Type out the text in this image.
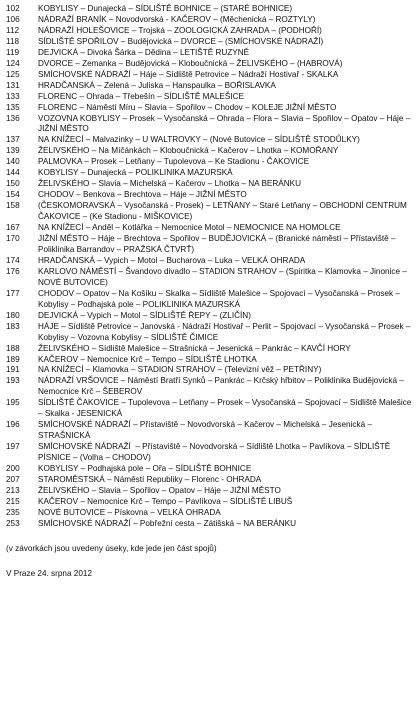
102	KOBYLISY – Dunajecká – SÍDLIŠTĚ BOHNICE – (STARÉ BOHNICE)
106	NÁDRAŽÍ BRANÍK – Novodvorská - KAČEROV – (Měchenická – ROZTYLY)
112	NÁDRAŽÍ HOLEŠOVICE – Trojská – ZOOLOGICKÁ ZAHRADA – (PODHOŘÍ)
118	SÍDLIŠTĚ SPOŘILOV – Budějovická – DVORCE – (SMÍCHOVSKÉ NÁDRAŽÍ)
119	DEJVICKÁ – Divoká Šárka – Dědina – LETIŠTĚ RUZYNĚ
124	DVORCE – Zemanka – Budějovická – Kloboučnická – ŽELIVSKÉHO – (HABROVÁ)
125	SMÍCHOVSKÉ NÁDRAŽÍ – Háje – Sídliště Petrovice – Nádraží Hostivař - SKALKA
131	HRADČANSKÁ – Zelená – Juliska – Hanspaulka – BOŘISLAVKA
133	FLORENC – Ohrada – Třebešín – SÍDLIŠTĚ MALEŠICE
135	FLORENC – Náměstí Míru – Slavia – Spořilov – Chodov – KOLEJE JIŽNÍ MĚSTO
136	VOZOVNA KOBYLISY – Prosek – Vysočanská – Ohrada – Flora – Slavia – Spořilov – Opatov – Háje – JIŽNÍ MĚSTO
137	NA KNÍŽECÍ – Malvazinky – U WALTROVKY – (Nové Butovice – SÍDLIŠTĚ STODŮLKY)
139	ŽELIVSKÉHO – Na Míčánkách – Kloboučnická – Kačerov – Lhotka – KOMOŘANY
140	PALMOVKA – Prosek – Letňany – Tupolevova – Ke Stadionu - ČAKOVICE
144	KOBYLISY – Dunajecká – POLIKLINIKA MAZURSKÁ
150	ŽELIVSKÉHO – Slavia – Michelská – Kačerov – Lhotka – NA BERÁNKU
154	CHODOV – Benkova – Brechtova – Háje – JIŽNÍ MĚSTO
158	(ČESKOMORAVSKÁ – Vysočanská - Prosek) – LETŇANY – Staré Letňany – OBCHODNÍ CENTRUM ČAKOVICE – (Ke Stadionu - MIŠKOVICE)
167	NA KNÍŽECÍ – Anděl – Kotlářka – Nemocnice Motol – NEMOCNICE NA HOMOLCE
170	JIŽNÍ MĚSTO – Háje – Brechtova – Spořilov – BUDĚJOVICKÁ – (Branické náměstí – Přístaviště – Poliklinika Barrandov – PRAŽSKÁ ČTVRŤ)
174	HRADČANSKÁ – Vypich – Motol – Bucharova – Luka – VELKÁ OHRADA
176	KARLOVO NÁMĚSTÍ – Švandovo divadlo – STADION STRAHOV – (Spiritka – Klamovka – Jinonice – NOVÉ BUTOVICE)
177	CHODOV – Opatov – Na Košíku – Skalka – Sídliště Malešice – Spojovací – Vysočanská – Prosek – Kobylisy – Podhajská pole – POLIKLINIKA MAZURSKÁ
180	DEJVICKÁ – Vypich – Motol – SÍDLIŠTĚ ŘEPY – (ZLIČÍN)
183	HÁJE – Sídliště Petrovice – Janovská - Nádraží Hostivař – Perlit – Spojovací – Vysočanská – Prosek – Kobylisy – Vozovna Kobylisy – SÍDLIŠTĚ ČIMICE
188	ŽELIVSKÉHO – Sídliště Malešice – Strašnická – Jesenická – Pankrác – KAVČÍ HORY
189	KAČEROV – Nemocnice Krč – Tempo – SÍDLIŠTĚ LHOTKA
191	NA KNÍŽECÍ – Klamovka – STADION STRAHOV – (Televizní věž – PETŘINY)
193	NÁDRAŽÍ VRŠOVICE – Náměstí Bratří Synků – Pankrác – Krčský hřbitov – Poliklinika Budějovická – Nemocnice Krč – ŠEBEROV
195	SÍDLIŠTĚ ČAKOVICE – Tupolevova – Letňany – Prosek – Vysočanská – Spojovací – Sídliště Malešice – Skalka - JESENICKÁ
196	SMÍCHOVSKÉ NÁDRAŽÍ – Přístaviště – Novodvorská – Kačerov – Michelská – Jesenická – STRAŠNICKÁ
197	SMÍCHOVSKÉ NÁDRAŽÍ  – Přístaviště – Novodvorská – Sídliště Lhotka – Pavlíkova – SÍDLIŠTĚ PÍSNICE – (Volha – CHODOV)
200	KOBYLISY – Podhajská pole – Ořa – SÍDLIŠTĚ BOHNICE
207	STAROMĚSTSKÁ – Náměstí Republiky – Florenc - OHRADA
213	ŽELIVSKÉHO – Slavia – Spořilov – Opatov – Háje – JIŽNÍ MĚSTO
215	KAČEROV – Nemocnice Krč – Tempo – Pavlíkova – SÍDLIŠTĚ LIBUŠ
235	NOVÉ BUTOVICE – Pískovna – VELKÁ OHRADA
253	SMÍCHOVSKÉ NÁDRAŽÍ – Pobřežní cesta – Zátišská – NA BERÁNKU
(v závorkách jsou uvedeny úseky, kde jede jen část spojů)
V Praze 24. srpna 2012
